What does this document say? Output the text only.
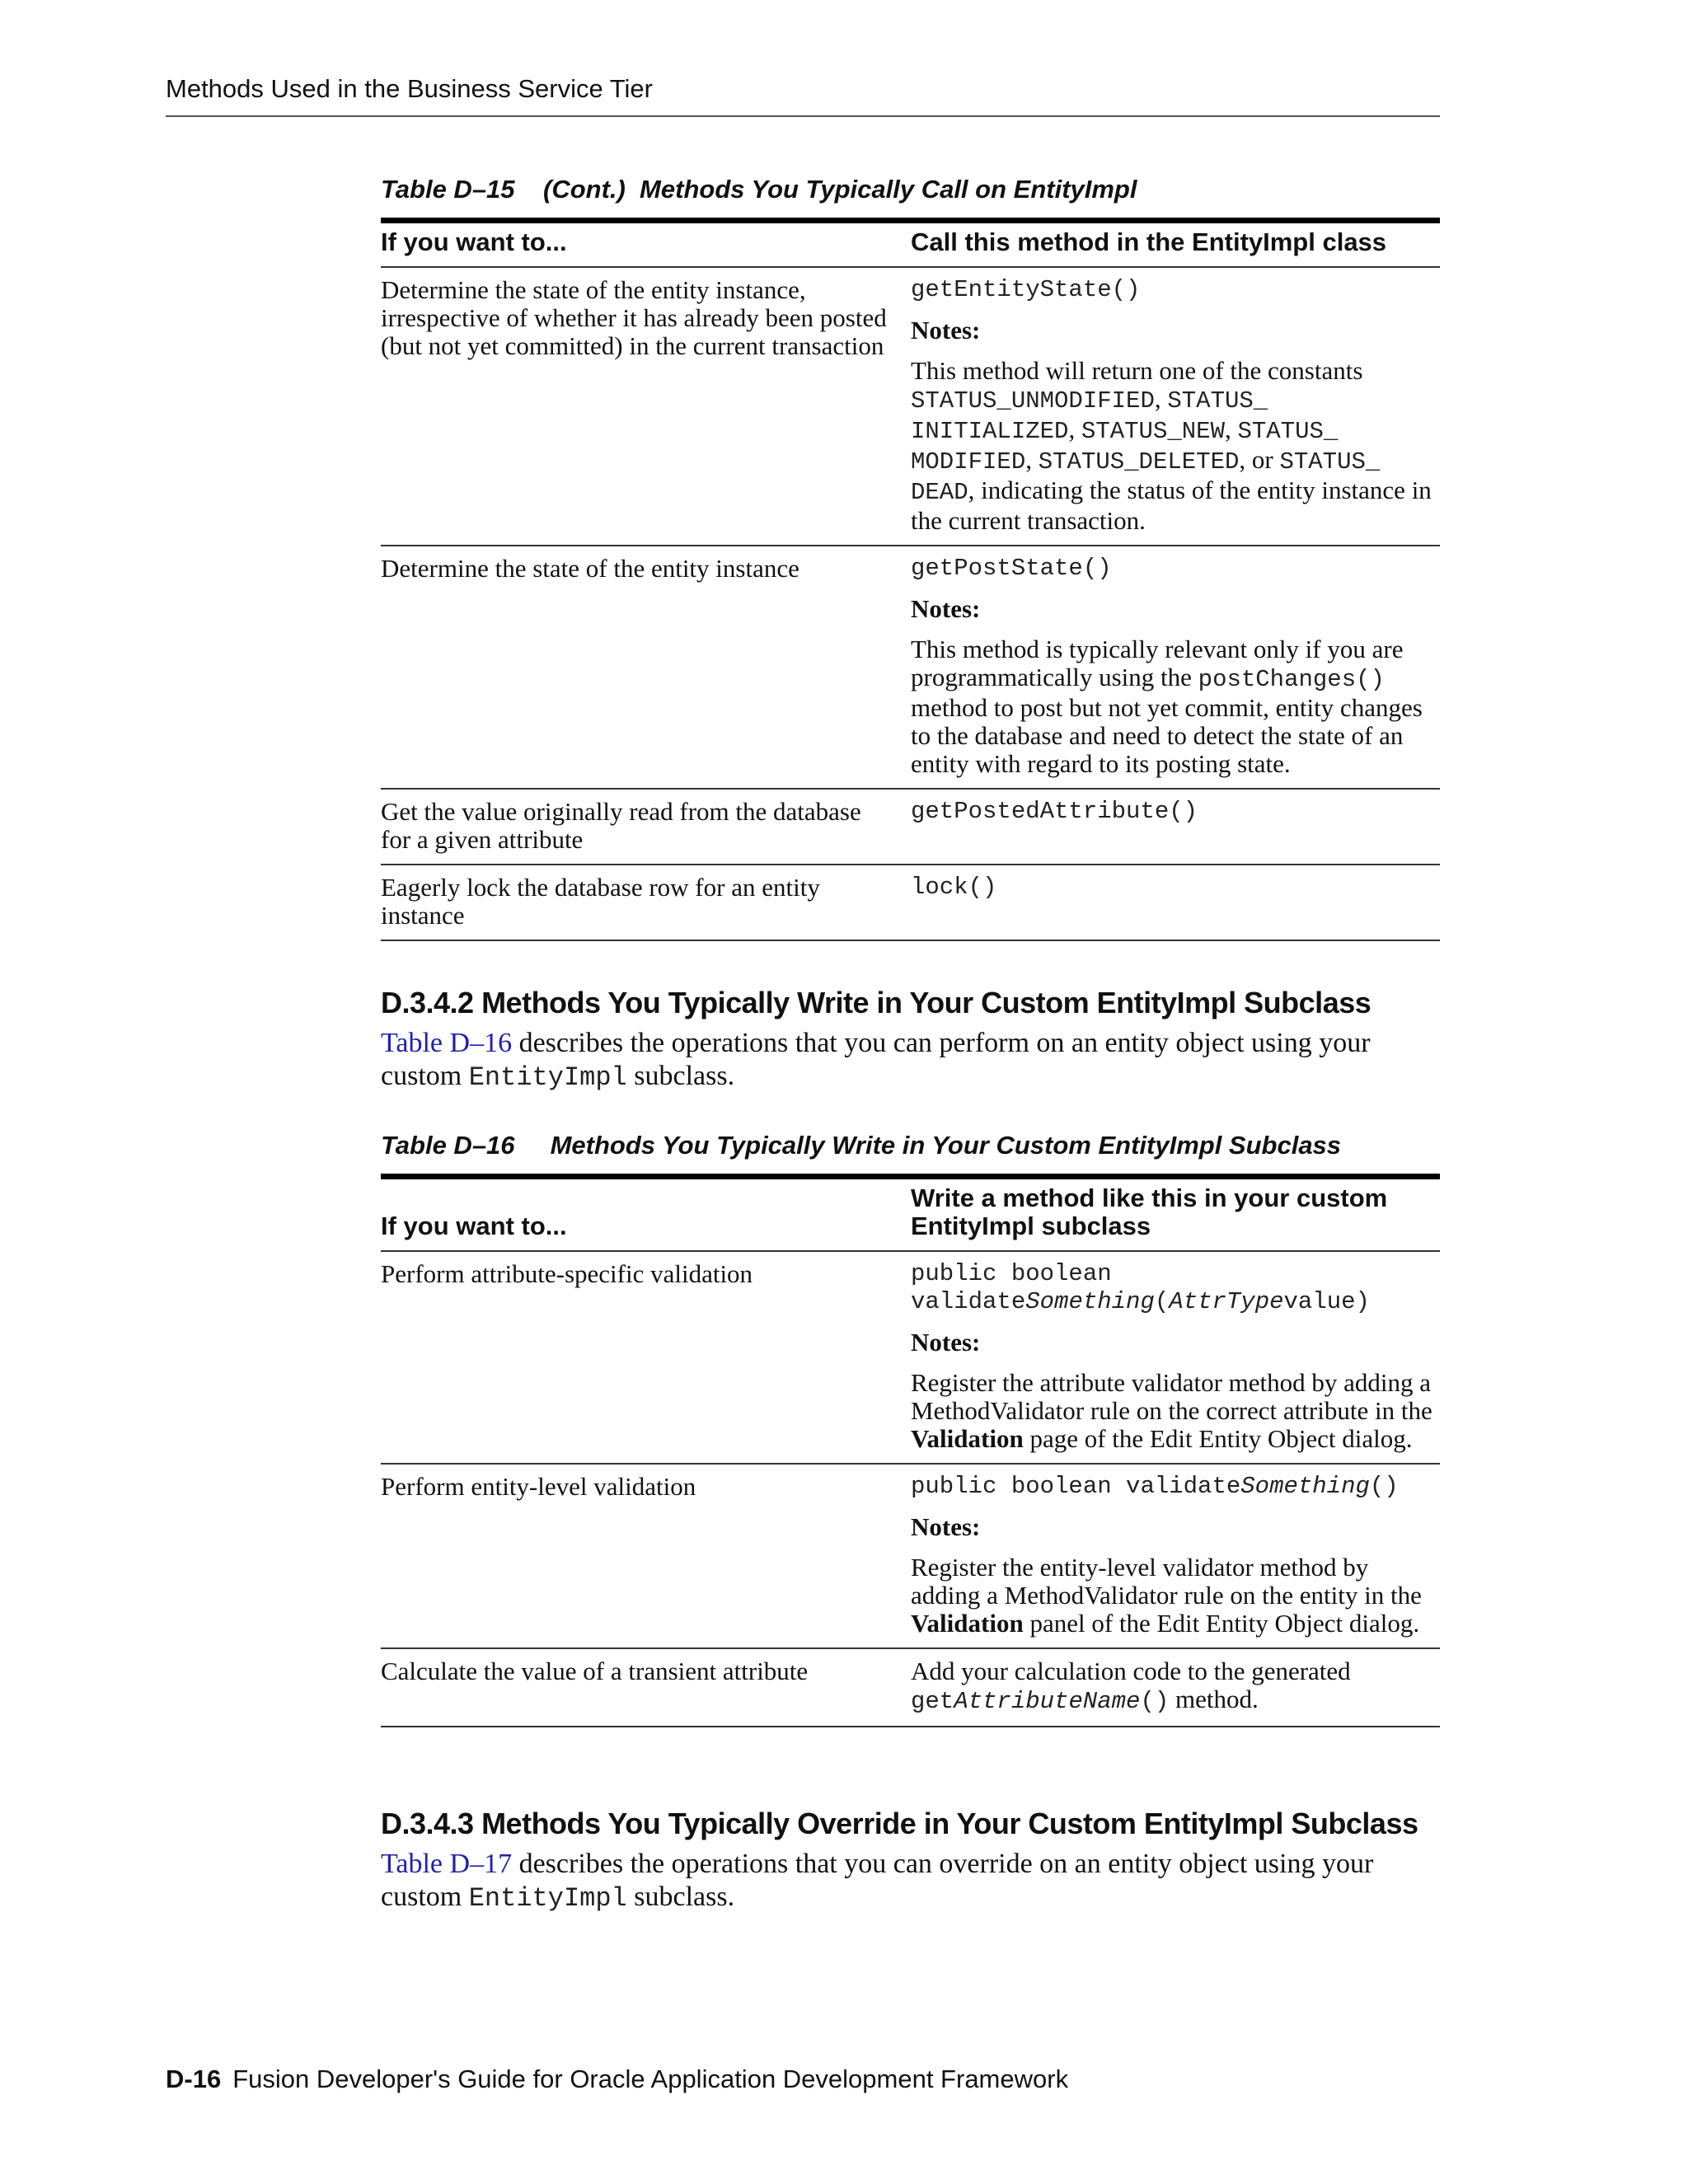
Methods Used in the Business Service Tier

Table D–15    (Cont.)  Methods You Typically Call on EntityImpl

If you want to...	Call this method in the EntityImpl class
Determine the state of the entity instance, irrespective of whether it has already been posted (but not yet committed) in the current transaction	getEntityState()

Notes:

This method will return one of the constants STATUS_UNMODIFIED, STATUS_ INITIALIZED, STATUS_NEW, STATUS_ MODIFIED, STATUS_DELETED, or STATUS_ DEAD, indicating the status of the entity instance in the current transaction.

Determine the state of the entity instance	getPostState()

Notes:

This method is typically relevant only if you are programmatically using the postChanges() method to post but not yet commit, entity changes to the database and need to detect the state of an entity with regard to its posting state.

Get the value originally read from the database for a given attribute	getPostedAttribute()

Eagerly lock the database row for an entity instance	lock()

D.3.4.2 Methods You Typically Write in Your Custom EntityImpl Subclass

Table D–16 describes the operations that you can perform on an entity object using your custom EntityImpl subclass.

Table D–16     Methods You Typically Write in Your Custom EntityImpl Subclass

If you want to...	Write a method like this in your custom EntityImpl subclass
Perform attribute-specific validation	public boolean validateSomething(AttrTypevalue)

Notes:

Register the attribute validator method by adding a MethodValidator rule on the correct attribute in the Validation page of the Edit Entity Object dialog.

Perform entity-level validation	public boolean validateSomething()

Notes:

Register the entity-level validator method by adding a MethodValidator rule on the entity in the Validation panel of the Edit Entity Object dialog.

Calculate the value of a transient attribute	Add your calculation code to the generated getAttributeName() method.

D.3.4.3 Methods You Typically Override in Your Custom EntityImpl Subclass

Table D–17 describes the operations that you can override on an entity object using your custom EntityImpl subclass.

D-16 Fusion Developer's Guide for Oracle Application Development Framework
